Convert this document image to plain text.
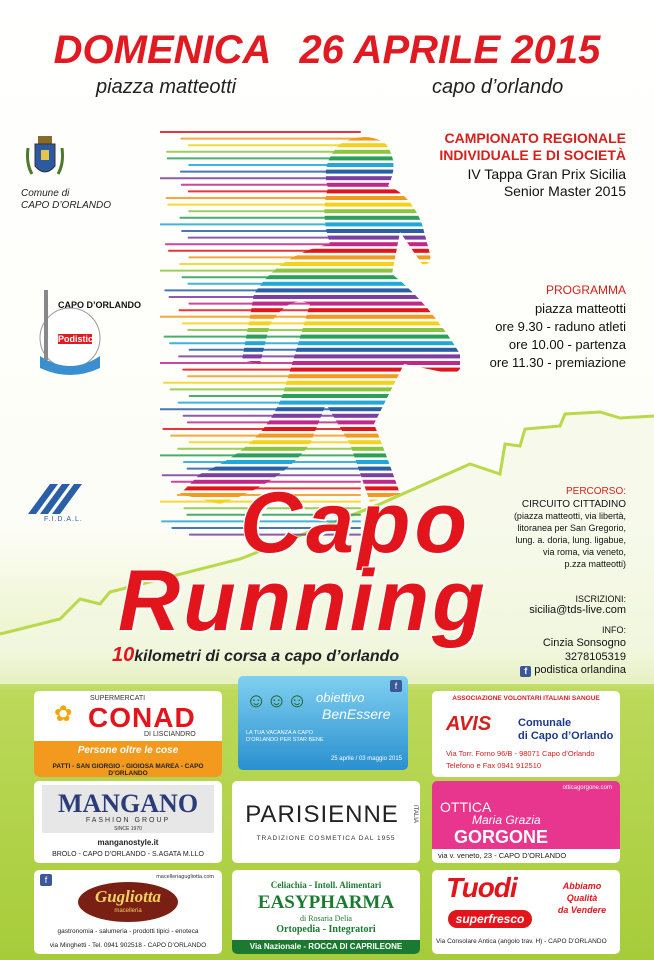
DOMENICA 26 APRILE 2015
piazza matteotti	capo d’orlando
Comune di
CAPO D’ORLANDO
CAPO D’ORLANDO
Podistica
F.I.D.A.L.
CAMPIONATO REGIONALE
INDIVIDUALE E DI SOCIETÀ
IV Tappa Gran Prix Sicilia
Senior Master 2015
PROGRAMMA
piazza matteotti
ore 9.30 - raduno atleti
ore 10.00 - partenza
ore 11.30 - premiazione
PERCORSO:
CIRCUITO CITTADINO
(piazza matteotti, via libertà,
litoranea per San Gregorio,
lung. a. doria, lung. ligabue,
via roma, via veneto,
p.zza matteotti)
ISCRIZIONI:
sicilia@tds-live.com
INFO:
Cinzia Sonsogno
3278105319
f podistica orlandina
Capo
Running
10kilometri di corsa a capo d’orlando
✿
SUPERMERCATI
CONAD
DI LISCIANDRO
Persone oltre le cose
PATTI - SAN GIORGIO - GIOIOSA MAREA - CAPO D’ORLANDO
f
☺☺☺ obiettivo
BenEssere
LA TUA VACANZA A CAPO D’ORLANDO PER STAR BENE
25 aprile / 03 maggio 2015
ASSOCIAZIONE VOLONTARI ITALIANI SANGUE
AVIS Comunale
di Capo d’Orlando
Via Torr. Forno 96/B - 98071 Capo d’Orlando
Telefono e Fax 0941 912510
MANGANO
FASHION GROUP
SINCE 1970
manganostyle.it
BROLO - CAPO D’ORLANDO - S.AGATA M.LLO
PARISIENNE	ITALIA
TRADIZIONE COSMETICA DAL 1955
otticagorgone.com
OTTICA
Maria Grazia
GORGONE
via v. veneto, 23 - CAPO D’ORLANDO
f	macelleriagugliotta.com
Gugliotta
macelleria
gastronomia - salumeria - prodotti tipici - enoteca
via Minghetti - Tel. 0941 902518 - CAPO D’ORLANDO
Celiachia - Intoll. Alimentari
EASYPHARMA
di Rosaria Delia
Ortopedia - Integratori
Via Nazionale - ROCCA DI CAPRILEONE
Tuodi
superfresco
Abbiamo
Qualità
da Vendere
Via Consolare Antica (angolo trav. H) - CAPO D’ORLANDO
